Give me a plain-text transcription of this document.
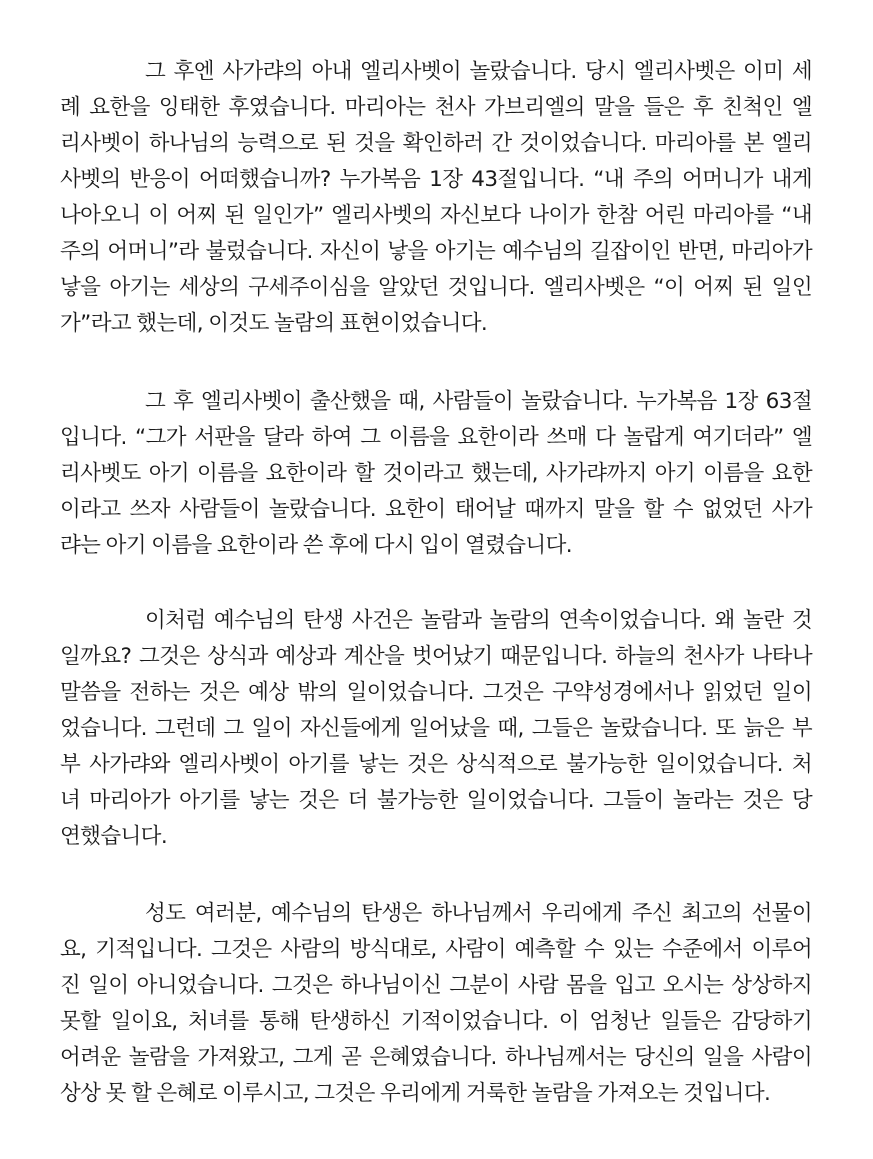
그 후엔 사가랴의 아내 엘리사벳이 놀랐습니다. 당시 엘리사벳은 이미 세
례 요한을 잉태한 후였습니다. 마리아는 천사 가브리엘의 말을 들은 후 친척인 엘
리사벳이 하나님의 능력으로 된 것을 확인하러 간 것이었습니다. 마리아를 본 엘리
사벳의 반응이 어떠했습니까? 누가복음 1장 43절입니다. “내 주의 어머니가 내게
나아오니 이 어찌 된 일인가” 엘리사벳의 자신보다 나이가 한참 어린 마리아를 “내
주의 어머니”라 불렀습니다. 자신이 낳을 아기는 예수님의 길잡이인 반면, 마리아가
낳을 아기는 세상의 구세주이심을 알았던 것입니다. 엘리사벳은 “이 어찌 된 일인
가”라고 했는데, 이것도 놀람의 표현이었습니다.
그 후 엘리사벳이 출산했을 때, 사람들이 놀랐습니다. 누가복음 1장 63절
입니다. “그가 서판을 달라 하여 그 이름을 요한이라 쓰매 다 놀랍게 여기더라” 엘
리사벳도 아기 이름을 요한이라 할 것이라고 했는데, 사가랴까지 아기 이름을 요한
이라고 쓰자 사람들이 놀랐습니다. 요한이 태어날 때까지 말을 할 수 없었던 사가
랴는 아기 이름을 요한이라 쓴 후에 다시 입이 열렸습니다.
이처럼 예수님의 탄생 사건은 놀람과 놀람의 연속이었습니다. 왜 놀란 것
일까요? 그것은 상식과 예상과 계산을 벗어났기 때문입니다. 하늘의 천사가 나타나
말씀을 전하는 것은 예상 밖의 일이었습니다. 그것은 구약성경에서나 읽었던 일이
었습니다. 그런데 그 일이 자신들에게 일어났을 때, 그들은 놀랐습니다. 또 늙은 부
부 사가랴와 엘리사벳이 아기를 낳는 것은 상식적으로 불가능한 일이었습니다. 처
녀 마리아가 아기를 낳는 것은 더 불가능한 일이었습니다. 그들이 놀라는 것은 당
연했습니다.
성도 여러분, 예수님의 탄생은 하나님께서 우리에게 주신 최고의 선물이
요, 기적입니다. 그것은 사람의 방식대로, 사람이 예측할 수 있는 수준에서 이루어
진 일이 아니었습니다. 그것은 하나님이신 그분이 사람 몸을 입고 오시는 상상하지
못할 일이요, 처녀를 통해 탄생하신 기적이었습니다. 이 엄청난 일들은 감당하기
어려운 놀람을 가져왔고, 그게 곧 은혜였습니다. 하나님께서는 당신의 일을 사람이
상상 못 할 은혜로 이루시고, 그것은 우리에게 거룩한 놀람을 가져오는 것입니다.
